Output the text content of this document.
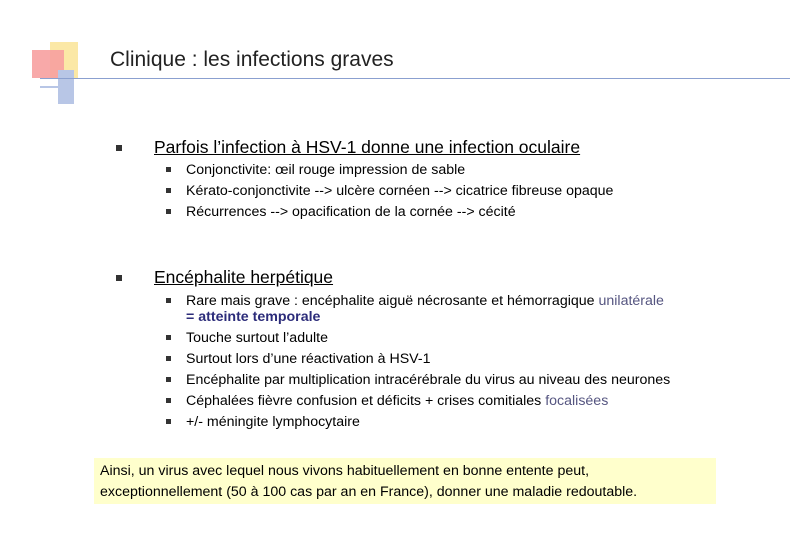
Clinique : les infections graves
Parfois l’infection à HSV-1 donne une infection oculaire
Conjonctivite: œil rouge impression de sable
Kérato-conjonctivite --> ulcère cornéen --> cicatrice fibreuse opaque
Récurrences --> opacification de la cornée --> cécité
Encéphalite herpétique
Rare mais grave : encéphalite aiguë nécrosante et hémorragique unilatérale
= atteinte temporale
Touche surtout l’adulte
Surtout lors d’une réactivation à HSV-1
Encéphalite par multiplication intracérébrale du virus au niveau des neurones
Céphalées fièvre confusion et déficits + crises comitiales focalisées
+/- méningite lymphocytaire
Ainsi, un virus avec lequel nous vivons habituellement en bonne entente peut,
exceptionnellement (50 à 100 cas par an en France), donner une maladie redoutable.
